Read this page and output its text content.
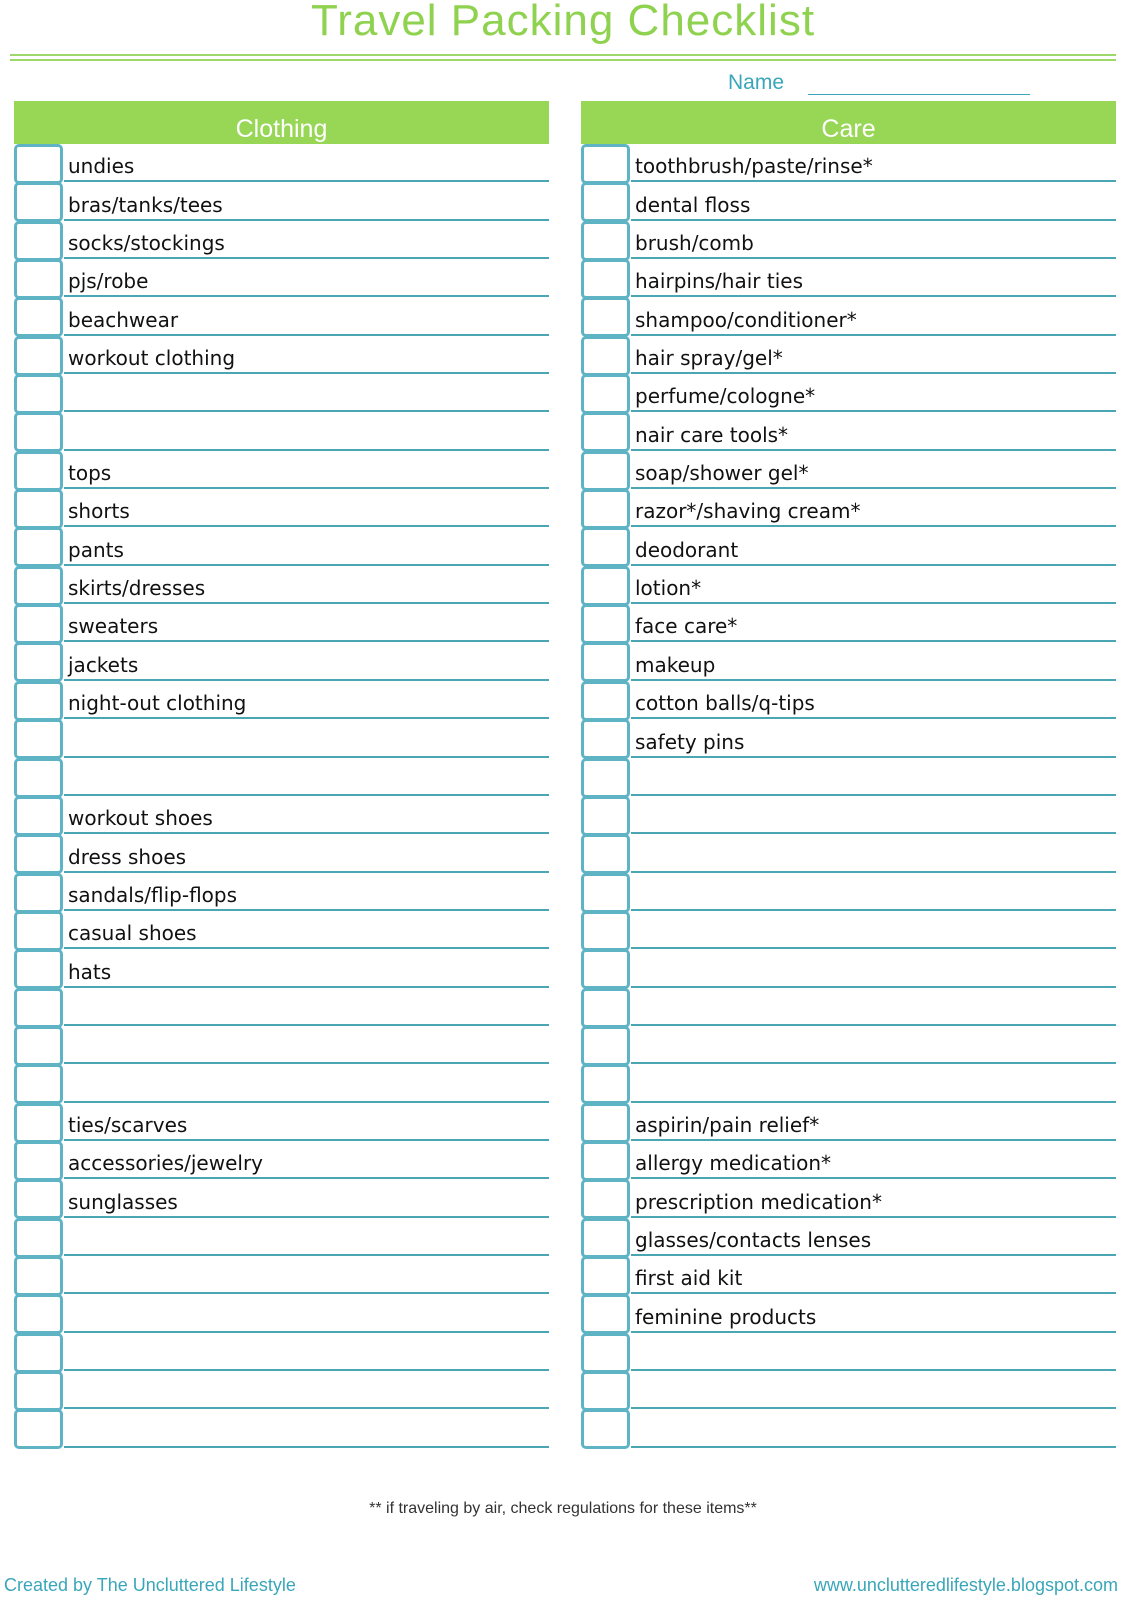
Travel Packing Checklist
Name
Clothing
undies
bras/tanks/tees
socks/stockings
pjs/robe
beachwear
workout clothing
tops
shorts
pants
skirts/dresses
sweaters
jackets
night-out clothing
workout shoes
dress shoes
sandals/flip-flops
casual shoes
hats
ties/scarves
accessories/jewelry
sunglasses
Care
toothbrush/paste/rinse*
dental floss
brush/comb
hairpins/hair ties
shampoo/conditioner*
hair spray/gel*
perfume/cologne*
nair care tools*
soap/shower gel*
razor*/shaving cream*
deodorant
lotion*
face care*
makeup
cotton balls/q-tips
safety pins
aspirin/pain relief*
allergy medication*
prescription medication*
glasses/contacts lenses
first aid kit
feminine products
** if traveling by air, check regulations for these items**
Created by The Uncluttered Lifestyle	www.unclutteredlifestyle.blogspot.com
